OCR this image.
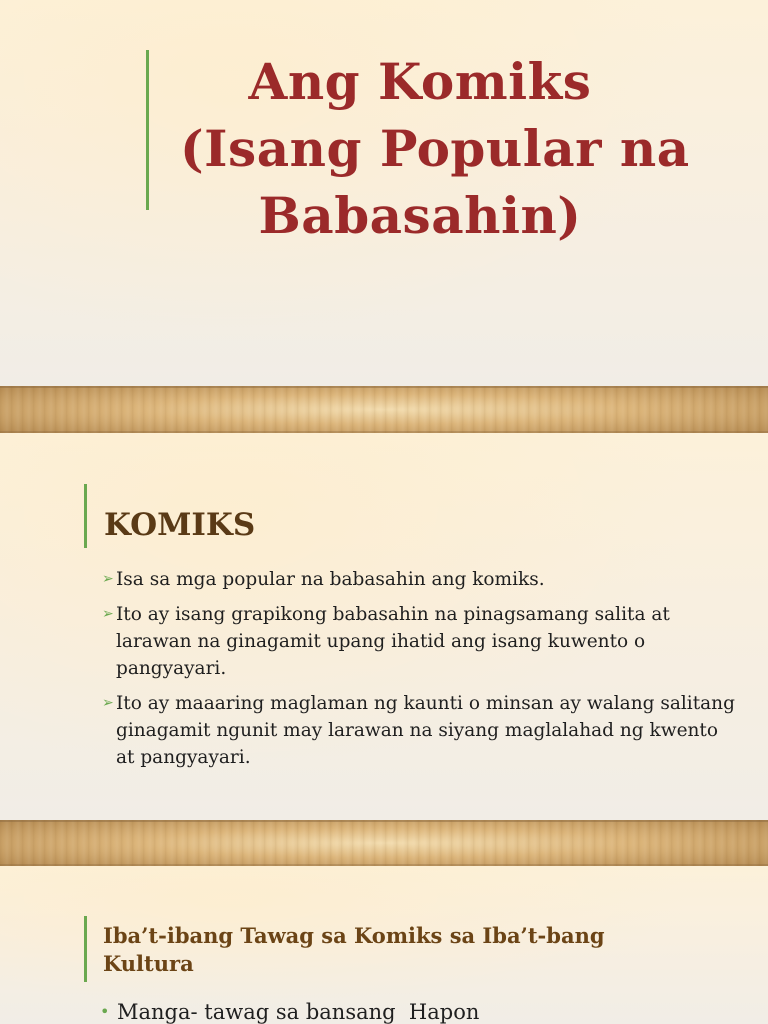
Ang Komiks
(Isang Popular na
Babasahin)
KOMIKS
➢ Isa sa mga popular na babasahin ang komiks.
➢ Ito ay isang grapikong babasahin na pinagsamang salita at larawan na ginagamit upang ihatid ang isang kuwento o pangyayari.
➢ Ito ay maaaring maglaman ng kaunti o minsan ay walang salitang ginagamit ngunit may larawan na siyang maglalahad ng kwento at pangyayari.
Iba’t-ibang Tawag sa Komiks sa Iba’t-bang Kultura
• Manga- tawag sa bansang  Hapon
